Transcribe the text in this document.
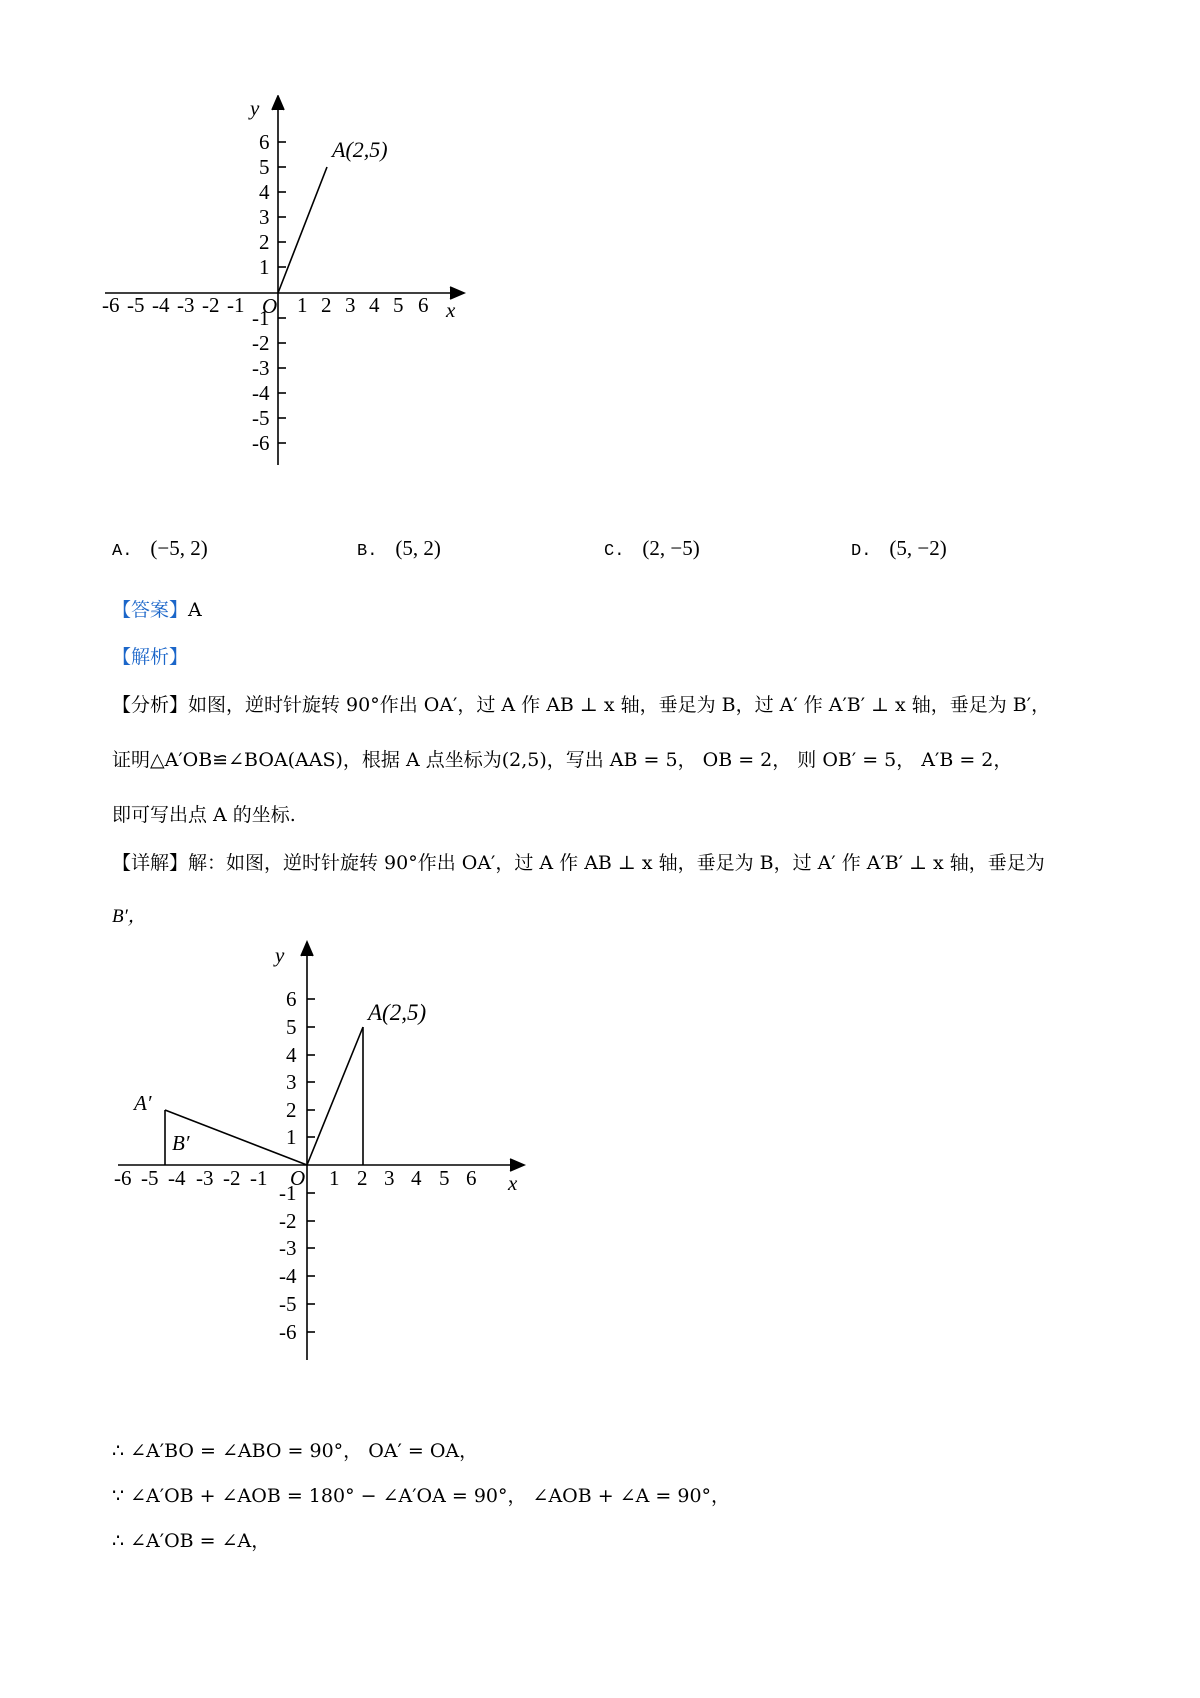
y
x
O
A(2,5)
6
5
4
3
2
1
-1
-2
-3
-4
-5
-6
-6 -5 -4 -3 -2 -1	1 2 3 4 5 6
A. (−5, 2)	B. (5, 2)	C. (2, −5)	D. (5, −2)
【答案】A
【解析】
【分析】如图，逆时针旋转 90°作出 OA′，过 A 作 AB ⊥ x 轴，垂足为 B，过 A′ 作 A′B′ ⊥ x 轴，垂足为 B′，
证明△A′OB≌∠BOA(AAS)，根据 A 点坐标为(2,5)，写出 AB = 5， OB = 2， 则 OB′ = 5， A′B = 2，
即可写出点 A 的坐标.
【详解】解：如图，逆时针旋转 90°作出 OA′，过 A 作 AB ⊥ x 轴，垂足为 B，过 A′ 作 A′B′ ⊥ x 轴，垂足为
B′，
y
x
O
A(2,5)
A′
B′
6
5
4
3
2
1
-1
-2
-3
-4
-5
-6
-6 -5 -4 -3 -2 -1	1 2 3 4 5 6
∴ ∠A′BO = ∠ABO = 90°， OA′ = OA，
∵ ∠A′OB + ∠AOB = 180° − ∠A′OA = 90°， ∠AOB + ∠A = 90°，
∴ ∠A′OB = ∠A，
